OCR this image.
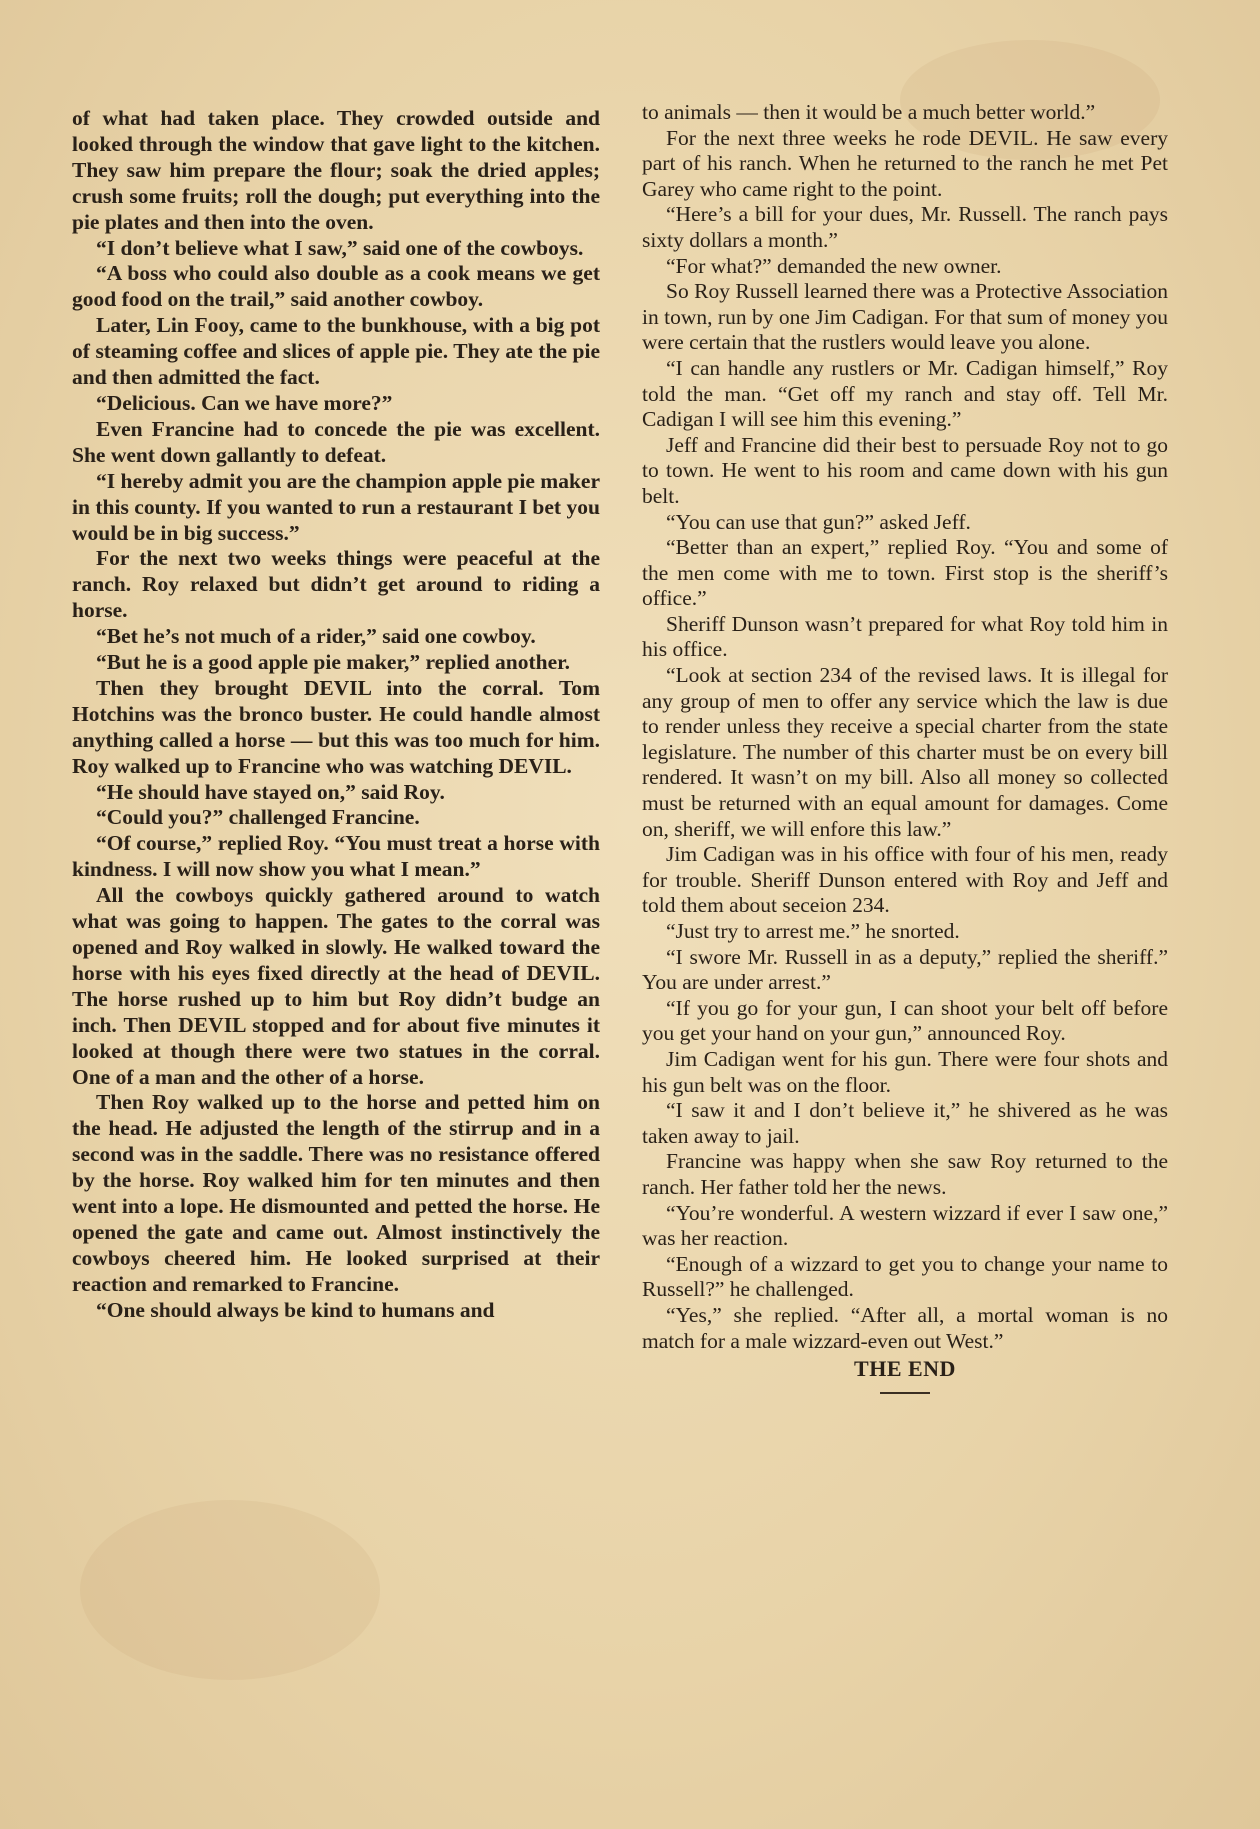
of what had taken place. They crowded outside and looked through the window that gave light to the kitchen. They saw him prepare the flour; soak the dried apples; crush some fruits; roll the dough; put everything into the pie plates and then into the oven.

“I don’t believe what I saw,” said one of the cowboys.

“A boss who could also double as a cook means we get good food on the trail,” said another cowboy.

Later, Lin Fooy, came to the bunkhouse, with a big pot of steaming coffee and slices of apple pie. They ate the pie and then admitted the fact.

“Delicious. Can we have more?”

Even Francine had to concede the pie was excellent. She went down gallantly to defeat.

“I hereby admit you are the champion apple pie maker in this county. If you wanted to run a restaurant I bet you would be in big success.”

For the next two weeks things were peaceful at the ranch. Roy relaxed but didn’t get around to riding a horse.

“Bet he’s not much of a rider,” said one cowboy.

“But he is a good apple pie maker,” replied another.

Then they brought DEVIL into the corral. Tom Hotchins was the bronco buster. He could handle almost anything called a horse — but this was too much for him. Roy walked up to Francine who was watching DEVIL.

“He should have stayed on,” said Roy.

“Could you?” challenged Francine.

“Of course,” replied Roy. “You must treat a horse with kindness. I will now show you what I mean.”

All the cowboys quickly gathered around to watch what was going to happen. The gates to the corral was opened and Roy walked in slowly. He walked toward the horse with his eyes fixed directly at the head of DEVIL. The horse rushed up to him but Roy didn’t budge an inch. Then DEVIL stopped and for about five minutes it looked at though there were two statues in the corral. One of a man and the other of a horse.

Then Roy walked up to the horse and petted him on the head. He adjusted the length of the stirrup and in a second was in the saddle. There was no resistance offered by the horse. Roy walked him for ten minutes and then went into a lope. He dismounted and petted the horse. He opened the gate and came out. Almost instinctively the cowboys cheered him. He looked surprised at their reaction and remarked to Francine.

“One should always be kind to humans and

to animals — then it would be a much better world.”

For the next three weeks he rode DEVIL. He saw every part of his ranch. When he returned to the ranch he met Pet Garey who came right to the point.

“Here’s a bill for your dues, Mr. Russell. The ranch pays sixty dollars a month.”

“For what?” demanded the new owner.

So Roy Russell learned there was a Protective Association in town, run by one Jim Cadigan. For that sum of money you were certain that the rustlers would leave you alone.

“I can handle any rustlers or Mr. Cadigan himself,” Roy told the man. “Get off my ranch and stay off. Tell Mr. Cadigan I will see him this evening.”

Jeff and Francine did their best to persuade Roy not to go to town. He went to his room and came down with his gun belt.

“You can use that gun?” asked Jeff.

“Better than an expert,” replied Roy. “You and some of the men come with me to town. First stop is the sheriff’s office.”

Sheriff Dunson wasn’t prepared for what Roy told him in his office.

“Look at section 234 of the revised laws. It is illegal for any group of men to offer any service which the law is due to render unless they receive a special charter from the state legislature. The number of this charter must be on every bill rendered. It wasn’t on my bill. Also all money so collected must be returned with an equal amount for damages. Come on, sheriff, we will enfore this law.”

Jim Cadigan was in his office with four of his men, ready for trouble. Sheriff Dunson entered with Roy and Jeff and told them about seceion 234.

“Just try to arrest me.” he snorted.

“I swore Mr. Russell in as a deputy,” replied the sheriff.” You are under arrest.”

“If you go for your gun, I can shoot your belt off before you get your hand on your gun,” announced Roy.

Jim Cadigan went for his gun. There were four shots and his gun belt was on the floor.

“I saw it and I don’t believe it,” he shivered as he was taken away to jail.

Francine was happy when she saw Roy returned to the ranch. Her father told her the news.

“You’re wonderful. A western wizzard if ever I saw one,” was her reaction.

“Enough of a wizzard to get you to change your name to Russell?” he challenged.

“Yes,” she replied. “After all, a mortal woman is no match for a male wizzard-even out West.”

THE END
